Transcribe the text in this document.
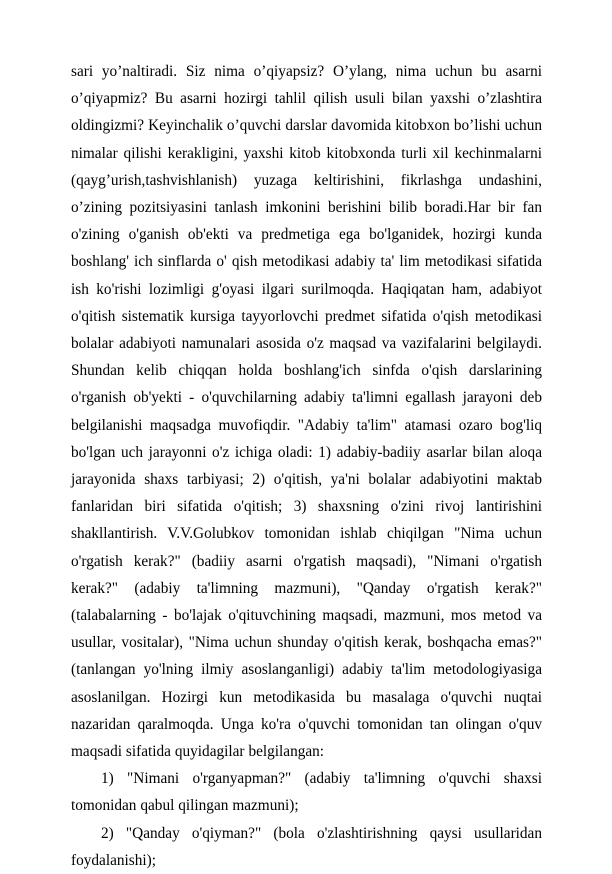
sari yo’naltiradi. Siz nima o’qiyapsiz? O’ylang, nima uchun bu asarni o’qiyapmiz? Bu asarni hozirgi tahlil qilish usuli bilan yaxshi o’zlashtira oldingizmi? Keyinchalik o’quvchi darslar davomida kitobxon bo’lishi uchun nimalar qilishi kerakligini, yaxshi kitob kitobxonda turli xil kechinmalarni (qayg’urish,tashvishlanish) yuzaga keltirishini, fikrlashga undashini, o’zining pozitsiyasini tanlash imkonini berishini bilib boradi.Har bir fan o'zining o'ganish ob'ekti va predmetiga ega bo'lganidek, hozirgi kunda boshlang' ich sinflarda o' qish metodikasi adabiy ta' lim metodikasi sifatida ish ko'rishi lozimligi g'oyasi ilgari surilmoqda. Haqiqatan ham, adabiyot o'qitish sistematik kursiga tayyorlovchi predmet sifatida o'qish metodikasi bolalar adabiyoti namunalari asosida o'z maqsad va vazifalarini belgilaydi. Shundan kelib chiqqan holda boshlang'ich sinfda o'qish darslarining o'rganish ob'yekti - o'quvchilarning adabiy ta'limni egallash jarayoni deb belgilanishi maqsadga muvofiqdir. "Adabiy ta'lim" atamasi ozaro bog'liq bo'lgan uch jarayonni o'z ichiga oladi: 1) adabiy-badiiy asarlar bilan aloqa jarayonida shaxs tarbiyasi; 2) o'qitish, ya'ni bolalar adabiyotini maktab fanlaridan biri sifatida o'qitish; 3) shaxsning o'zini rivoj lantirishini shakllantirish. V.V.Golubkov tomonidan ishlab chiqilgan "Nima uchun o'rgatish kerak?" (badiiy asarni o'rgatish maqsadi), "Nimani o'rgatish kerak?" (adabiy ta'limning mazmuni), "Qanday o'rgatish kerak?" (talabalarning - bo'lajak o'qituvchining maqsadi, mazmuni, mos metod va usullar, vositalar), "Nima uchun shunday o'qitish kerak, boshqacha emas?"(tanlangan yo'lning ilmiy asoslanganligi) adabiy ta'lim metodologiyasiga asoslanilgan. Hozirgi kun metodikasida bu masalaga o'quvchi nuqtai nazaridan qaralmoqda. Unga ko'ra o'quvchi tomonidan tan olingan o'quv maqsadi sifatida quyidagilar belgilangan:

1) "Nimani o'rganyapman?" (adabiy ta'limning o'quvchi shaxsi tomonidan qabul qilingan mazmuni);

2) "Qanday o'qiyman?" (bola o'zlashtirishning qaysi usullaridan foydalanishi);
